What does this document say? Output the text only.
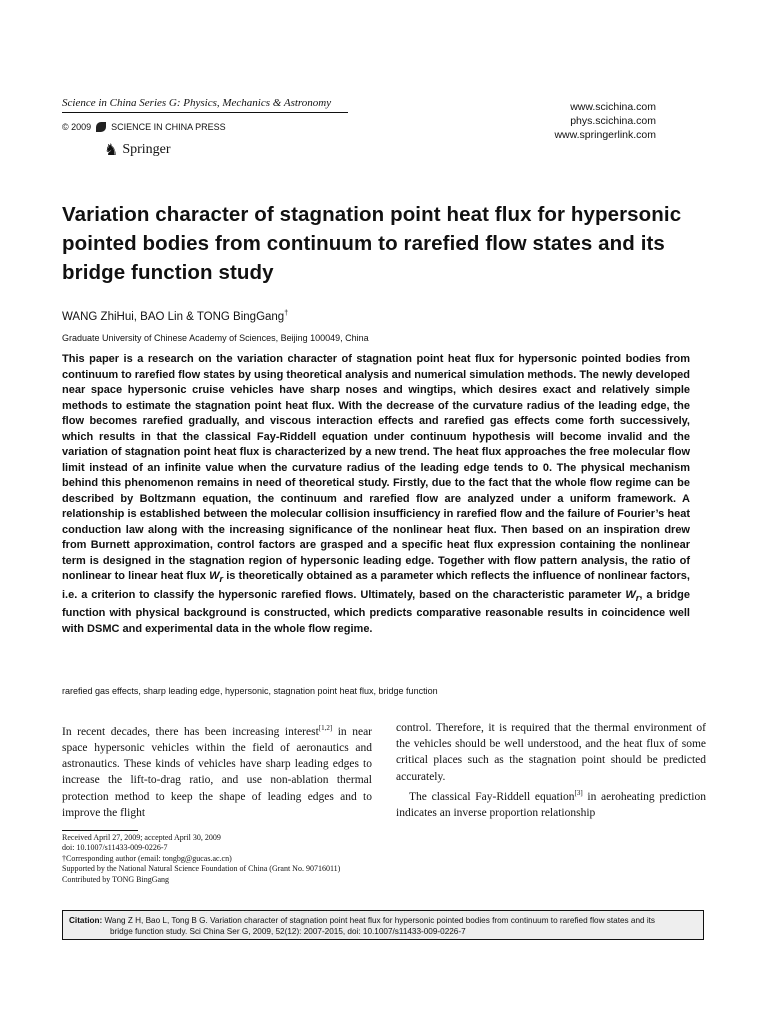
Science in China Series G: Physics, Mechanics & Astronomy
© 2009 SCIENCE IN CHINA PRESS
♞ Springer
www.scichina.com
phys.scichina.com
www.springerlink.com
Variation character of stagnation point heat flux for hypersonic pointed bodies from continuum to rarefied flow states and its bridge function study
WANG ZhiHui, BAO Lin & TONG BingGang†
Graduate University of Chinese Academy of Sciences, Beijing 100049, China
This paper is a research on the variation character of stagnation point heat flux for hypersonic pointed bodies from continuum to rarefied flow states by using theoretical analysis and numerical simulation methods. The newly developed near space hypersonic cruise vehicles have sharp noses and wingtips, which desires exact and relatively simple methods to estimate the stagnation point heat flux. With the decrease of the curvature radius of the leading edge, the flow becomes rarefied gradually, and viscous interaction effects and rarefied gas effects come forth successively, which results in that the classical Fay-Riddell equation under continuum hypothesis will become invalid and the variation of stagnation point heat flux is characterized by a new trend. The heat flux approaches the free molecular flow limit instead of an infinite value when the curvature radius of the leading edge tends to 0. The physical mechanism behind this phenomenon remains in need of theoretical study. Firstly, due to the fact that the whole flow regime can be described by Boltzmann equation, the continuum and rarefied flow are analyzed under a uniform framework. A relationship is established between the molecular collision insufficiency in rarefied flow and the failure of Fourier’s heat conduction law along with the increasing significance of the nonlinear heat flux. Then based on an inspiration drew from Burnett approximation, control factors are grasped and a specific heat flux expression containing the nonlinear term is designed in the stagnation region of hypersonic leading edge. Together with flow pattern analysis, the ratio of nonlinear to linear heat flux $W_r$ is theoretically obtained as a parameter which reflects the influence of nonlinear factors, i.e. a criterion to classify the hypersonic rarefied flows. Ultimately, based on the characteristic parameter $W_r$, a bridge function with physical background is constructed, which predicts comparative reasonable results in coincidence well with DSMC and experimental data in the whole flow regime.
rarefied gas effects, sharp leading edge, hypersonic, stagnation point heat flux, bridge function

In recent decades, there has been increasing interest[1,2] in near space hypersonic vehicles within the field of aeronautics and astronautics. These kinds of vehicles have sharp leading edges to increase the lift-to-drag ratio, and use non-ablation thermal protection method to keep the shape of leading edges and to improve the flight

control. Therefore, it is required that the thermal environment of the vehicles should be well understood, and the heat flux of some critical places such as the stagnation point should be predicted accurately.

The classical Fay-Riddell equation[3] in aeroheating prediction indicates an inverse proportion relationship

Received April 27, 2009; accepted April 30, 2009
doi: 10.1007/s11433-009-0226-7
†Corresponding author (email: tongbg@gucas.ac.cn)
Supported by the National Natural Science Foundation of China (Grant No. 90716011)
Contributed by TONG BingGang
Citation: Wang Z H, Bao L, Tong B G. Variation character of stagnation point heat flux for hypersonic pointed bodies from continuum to rarefied flow states and its
bridge function study. Sci China Ser G, 2009, 52(12): 2007-2015, doi: 10.1007/s11433-009-0226-7
